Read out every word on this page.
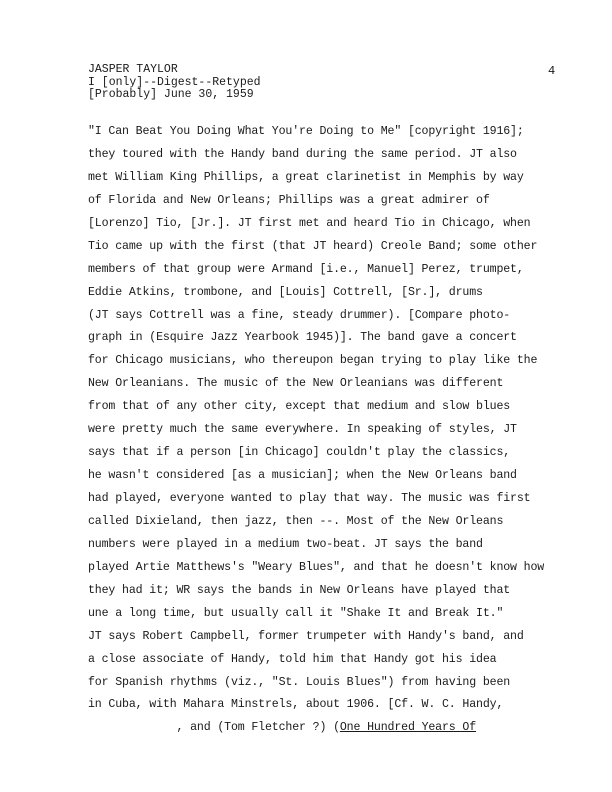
JASPER TAYLOR
I [only]--Digest--Retyped
[Probably] June 30, 1959
4
"I Can Beat You Doing What You're Doing to Me" [copyright 1916];
they toured with the Handy band during the same period. JT also
met William King Phillips, a great clarinetist in Memphis by way
of Florida and New Orleans; Phillips was a great admirer of
[Lorenzo] Tio, [Jr.]. JT first met and heard Tio in Chicago, when
Tio came up with the first (that JT heard) Creole Band; some other
members of that group were Armand [i.e., Manuel] Perez, trumpet,
Eddie Atkins, trombone, and [Louis] Cottrell, [Sr.], drums
(JT says Cottrell was a fine, steady drummer). [Compare photo-
graph in (Esquire Jazz Yearbook 1945)]. The band gave a concert
for Chicago musicians, who thereupon began trying to play like the
New Orleanians. The music of the New Orleanians was different
from that of any other city, except that medium and slow blues
were pretty much the same everywhere. In speaking of styles, JT
says that if a person [in Chicago] couldn't play the classics,
he wasn't considered [as a musician]; when the New Orleans band
had played, everyone wanted to play that way. The music was first
called Dixieland, then jazz, then --. Most of the New Orleans
numbers were played in a medium two-beat. JT says the band
played Artie Matthews's "Weary Blues", and that he doesn't know how
they had it; WR says the bands in New Orleans have played that
une a long time, but usually call it "Shake It and Break It."
JT says Robert Campbell, former trumpeter with Handy's band, and
a close associate of Handy, told him that Handy got his idea
for Spanish rhythms (viz., "St. Louis Blues") from having been
in Cuba, with Mahara Minstrels, about 1906. [Cf. W. C. Handy,
, and (Tom Fletcher ?) (One Hundred Years Of
